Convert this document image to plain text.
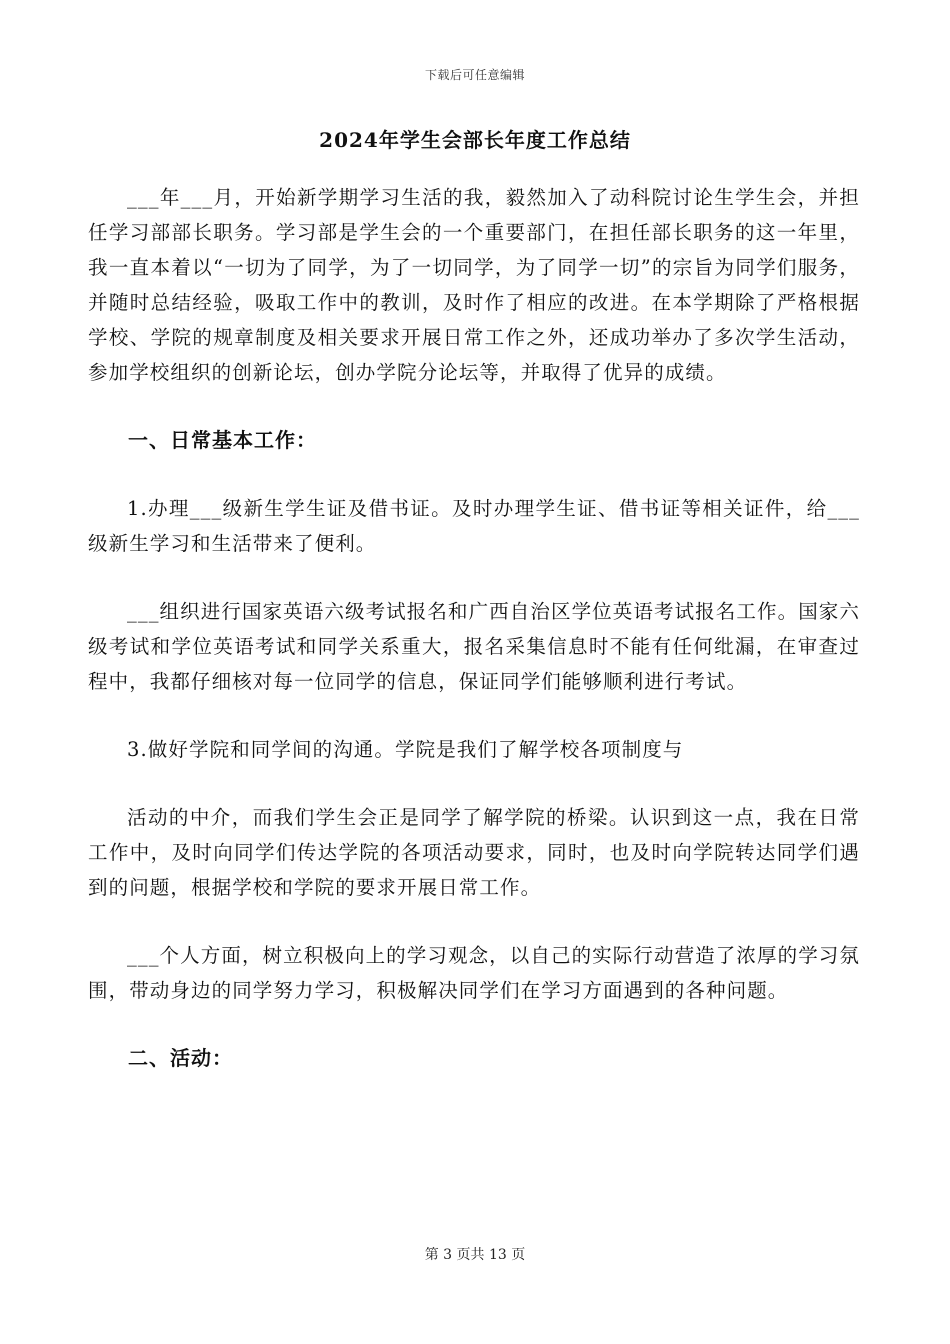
下载后可任意编辑
2024年学生会部长年度工作总结

___年___月，开始新学期学习生活的我，毅然加入了动科院讨论生学生会，并担任学习部部长职务。学习部是学生会的一个重要部门，在担任部长职务的这一年里，我一直本着以“一切为了同学，为了一切同学，为了同学一切”的宗旨为同学们服务，并随时总结经验，吸取工作中的教训，及时作了相应的改进。在本学期除了严格根据学校、学院的规章制度及相关要求开展日常工作之外，还成功举办了多次学生活动，参加学校组织的创新论坛，创办学院分论坛等，并取得了优异的成绩。

一、日常基本工作：

1.办理___级新生学生证及借书证。及时办理学生证、借书证等相关证件，给___级新生学习和生活带来了便利。

___组织进行国家英语六级考试报名和广西自治区学位英语考试报名工作。国家六级考试和学位英语考试和同学关系重大，报名采集信息时不能有任何纰漏，在审查过程中，我都仔细核对每一位同学的信息，保证同学们能够顺利进行考试。

3.做好学院和同学间的沟通。学院是我们了解学校各项制度与

活动的中介，而我们学生会正是同学了解学院的桥梁。认识到这一点，我在日常工作中，及时向同学们传达学院的各项活动要求，同时，也及时向学院转达同学们遇到的问题，根据学校和学院的要求开展日常工作。

___个人方面，树立积极向上的学习观念，以自己的实际行动营造了浓厚的学习氛围，带动身边的同学努力学习，积极解决同学们在学习方面遇到的各种问题。

二、活动：

第 3 页共 13 页
